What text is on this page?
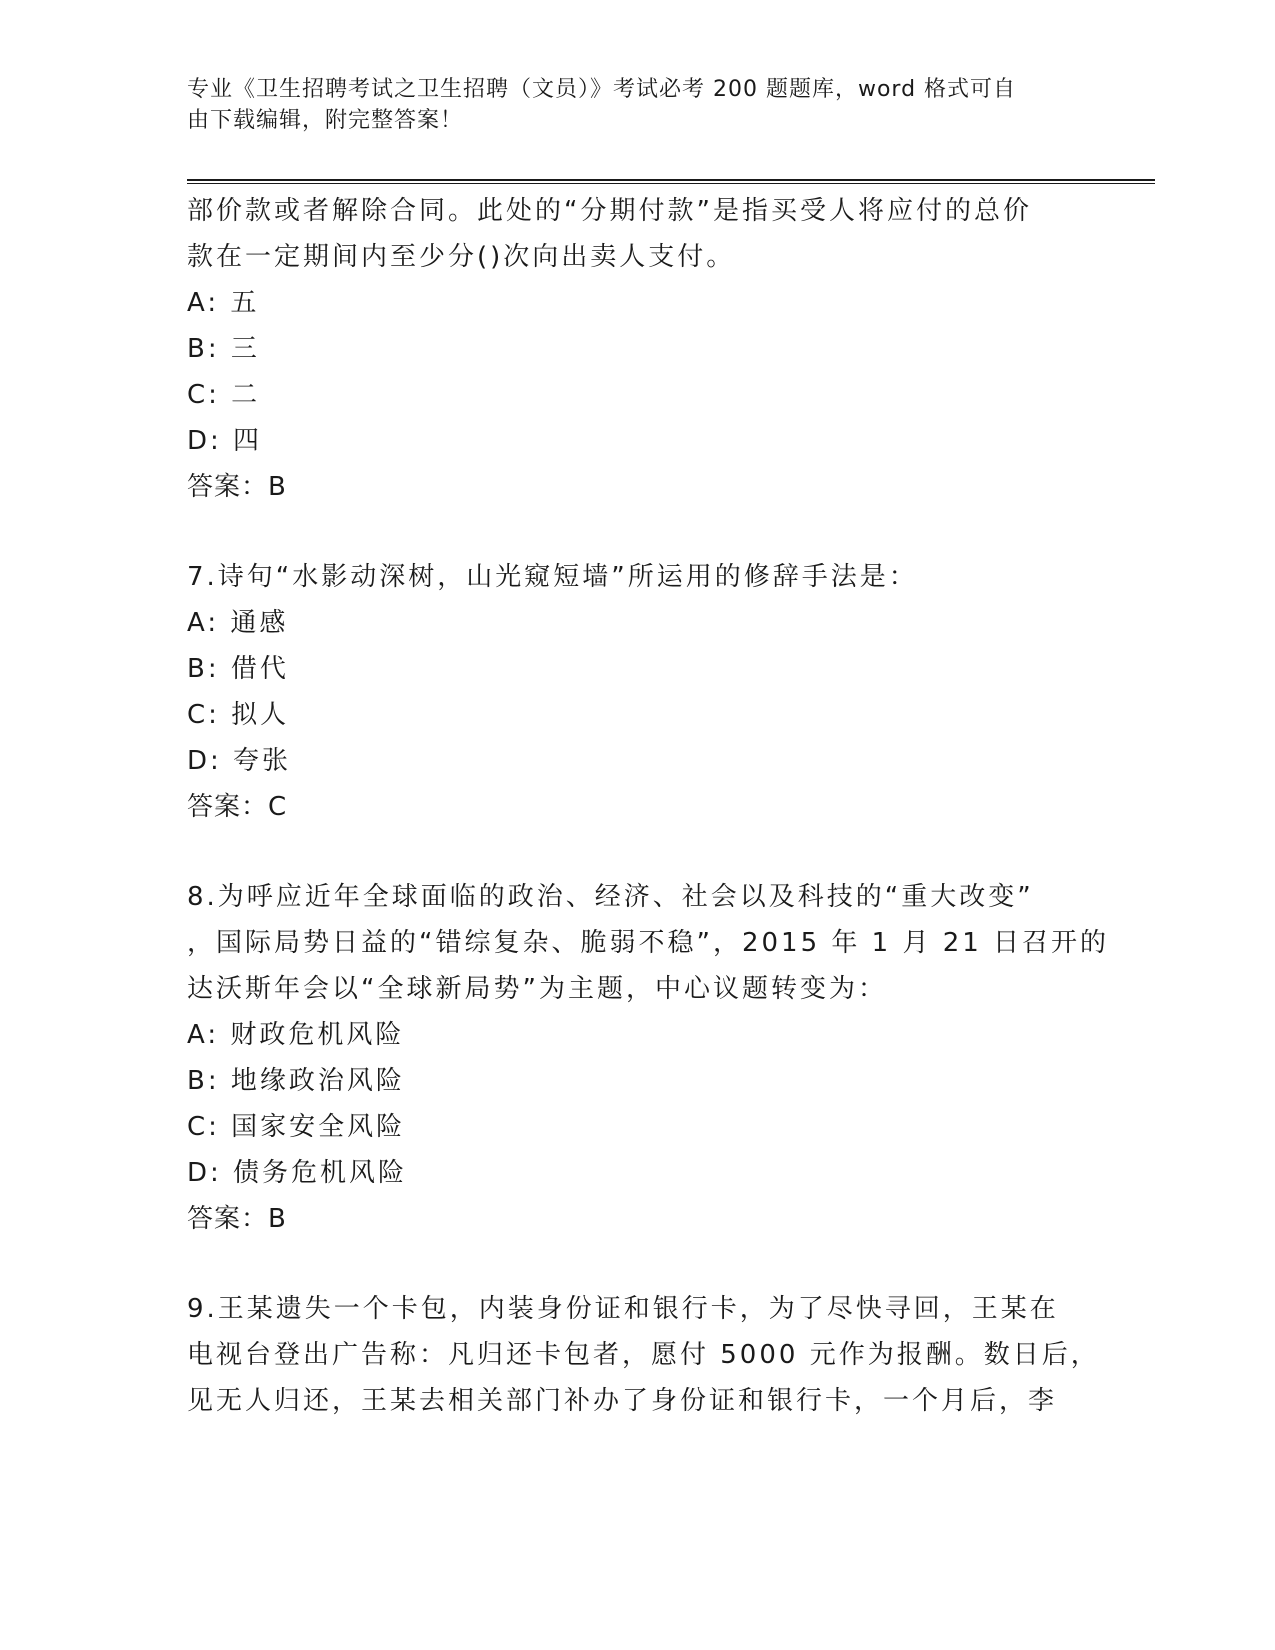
专业《卫生招聘考试之卫生招聘（文员）》考试必考 200 题题库，word 格式可自
由下载编辑，附完整答案！
部价款或者解除合同。此处的“分期付款”是指买受人将应付的总价
款在一定期间内至少分()次向出卖人支付。
A: 五
B: 三
C: 二
D: 四
答案：B
7.诗句“水影动深树，山光窥短墙”所运用的修辞手法是：
A: 通感
B: 借代
C: 拟人
D: 夸张
答案：C
8.为呼应近年全球面临的政治、经济、社会以及科技的“重大改变”
，国际局势日益的“错综复杂、脆弱不稳”，2015 年 1 月 21 日召开的
达沃斯年会以“全球新局势”为主题，中心议题转变为：
A: 财政危机风险
B: 地缘政治风险
C: 国家安全风险
D: 债务危机风险
答案：B
9.王某遗失一个卡包，内装身份证和银行卡，为了尽快寻回，王某在
电视台登出广告称：凡归还卡包者，愿付 5000 元作为报酬。数日后，
见无人归还，王某去相关部门补办了身份证和银行卡，一个月后，李
